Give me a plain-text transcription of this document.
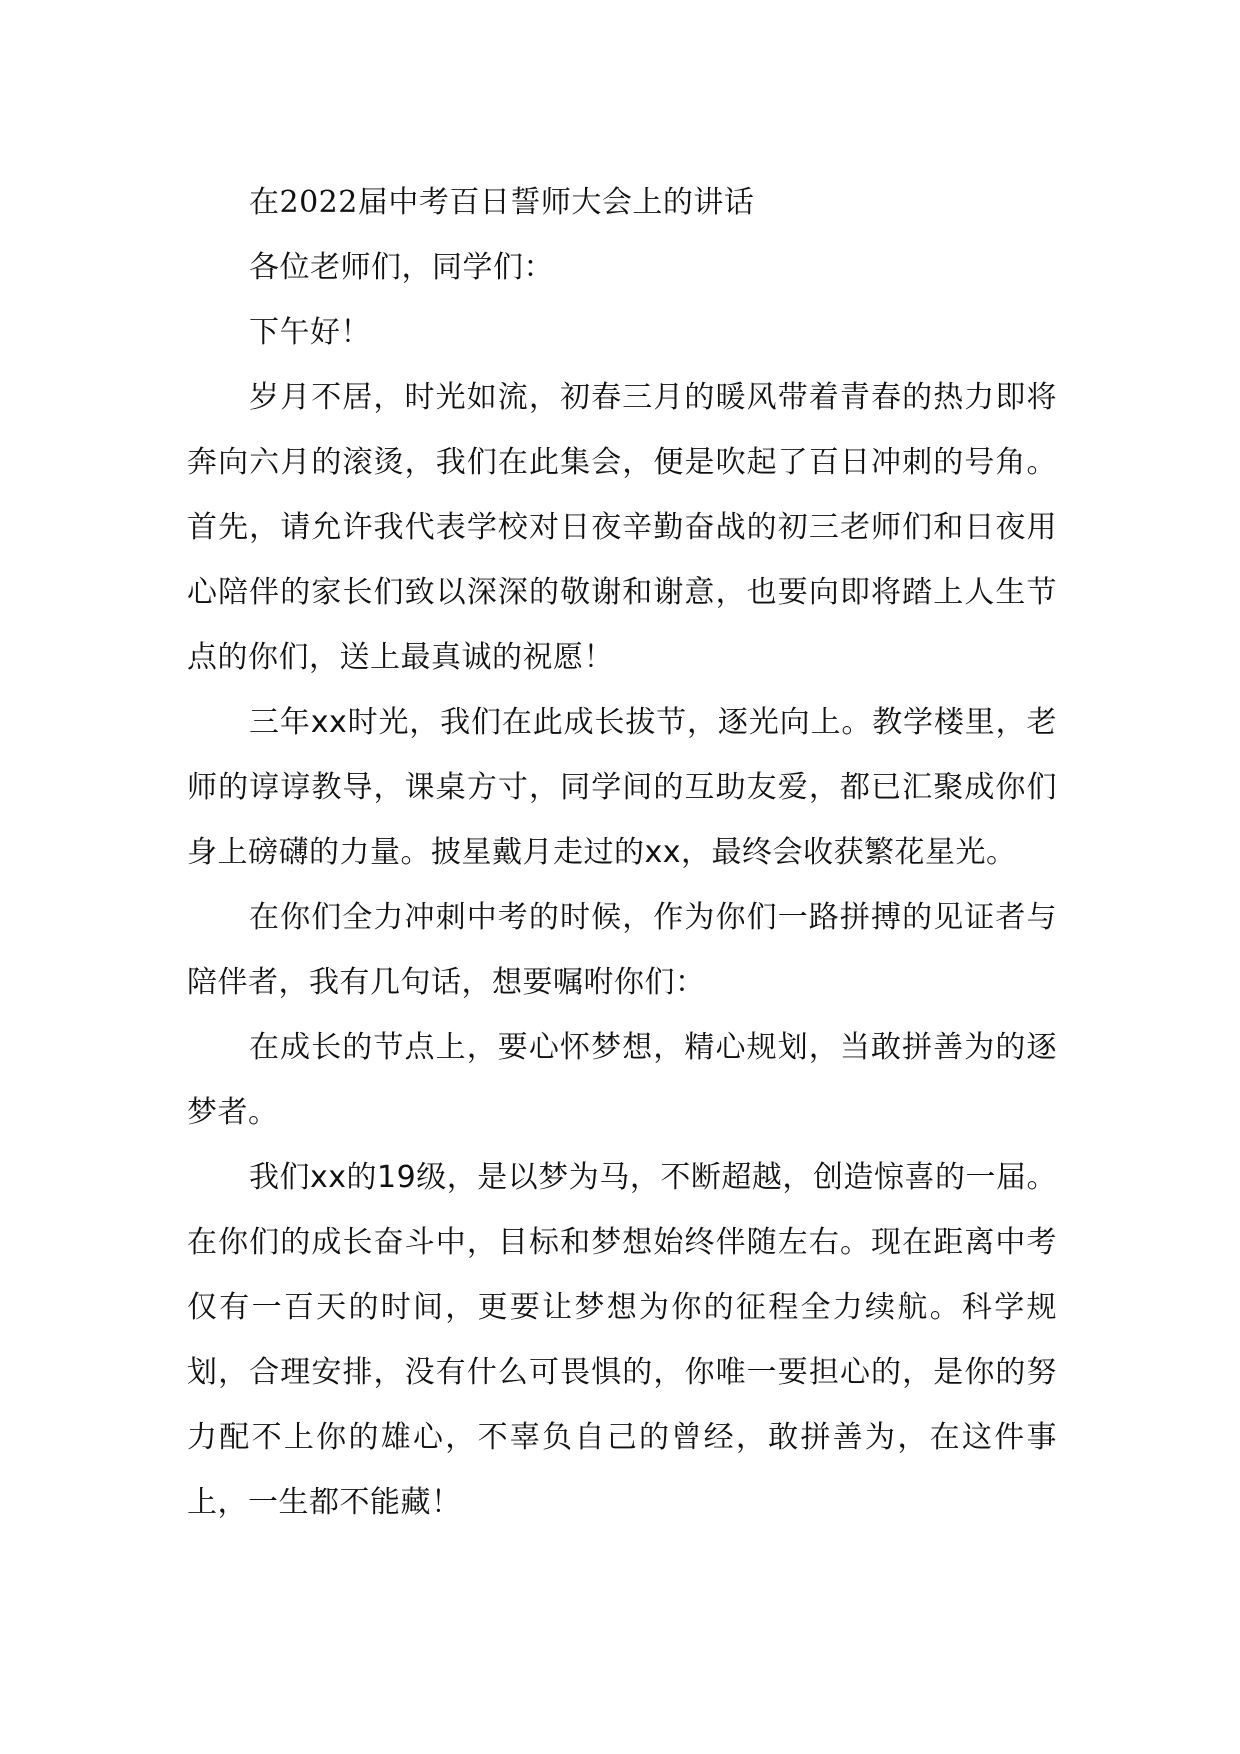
在2022届中考百日誓师大会上的讲话

各位老师们，同学们：

下午好！

岁月不居，时光如流，初春三月的暖风带着青春的热力即将奔向六月的滚烫，我们在此集会，便是吹起了百日冲刺的号角。首先，请允许我代表学校对日夜辛勤奋战的初三老师们和日夜用心陪伴的家长们致以深深的敬谢和谢意，也要向即将踏上人生节点的你们，送上最真诚的祝愿！

三年xx时光，我们在此成长拔节，逐光向上。教学楼里，老师的谆谆教导，课桌方寸，同学间的互助友爱，都已汇聚成你们身上磅礴的力量。披星戴月走过的xx，最终会收获繁花星光。

在你们全力冲刺中考的时候，作为你们一路拼搏的见证者与陪伴者，我有几句话，想要嘱咐你们：

在成长的节点上，要心怀梦想，精心规划，当敢拼善为的逐梦者。

我们xx的19级，是以梦为马，不断超越，创造惊喜的一届。在你们的成长奋斗中，目标和梦想始终伴随左右。现在距离中考仅有一百天的时间，更要让梦想为你的征程全力续航。科学规划，合理安排，没有什么可畏惧的，你唯一要担心的，是你的努力配不上你的雄心，不辜负自己的曾经，敢拼善为，在这件事上，一生都不能藏！
